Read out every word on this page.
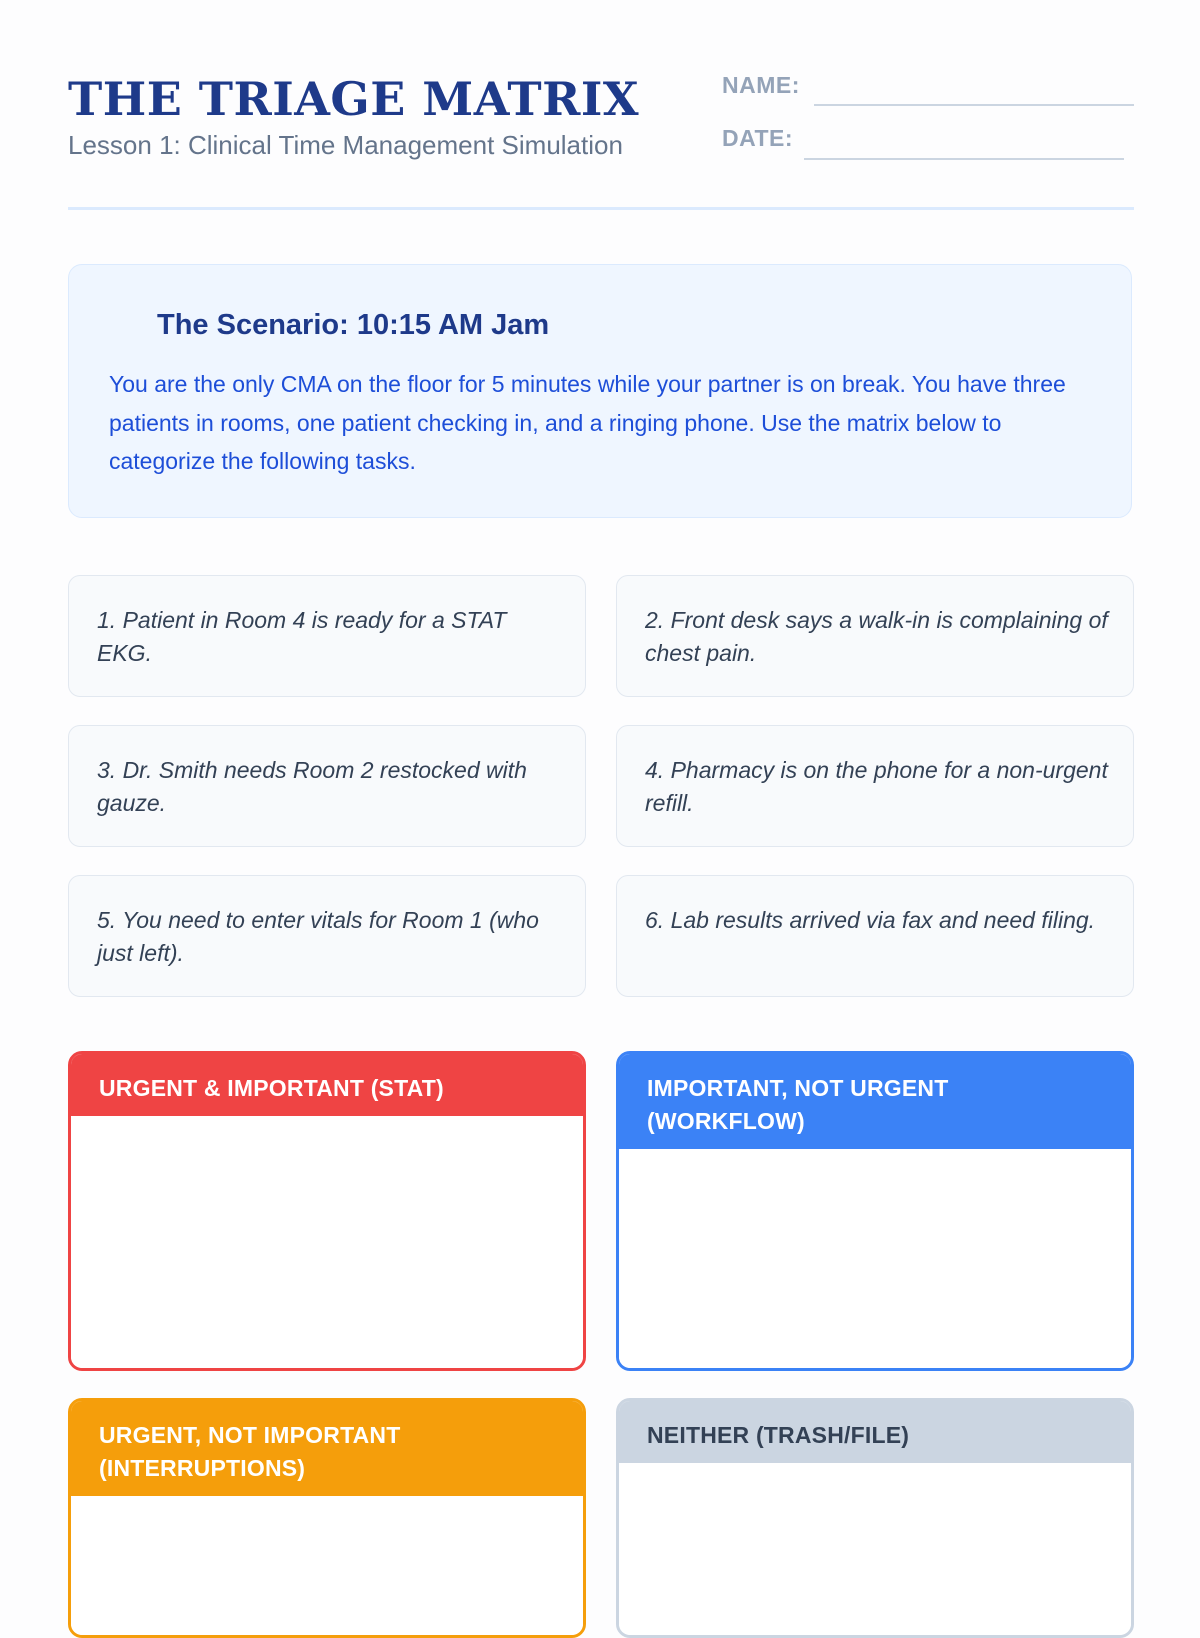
THE TRIAGE MATRIX
Lesson 1: Clinical Time Management Simulation
NAME:
DATE:
The Scenario: 10:15 AM Jam
You are the only CMA on the floor for 5 minutes while your partner is on break. You have three patients in rooms, one patient checking in, and a ringing phone. Use the matrix below to categorize the following tasks.
1. Patient in Room 4 is ready for a STAT EKG.
2. Front desk says a walk-in is complaining of chest pain.
3. Dr. Smith needs Room 2 restocked with gauze.
4. Pharmacy is on the phone for a non-urgent refill.
5. You need to enter vitals for Room 1 (who just left).
6. Lab results arrived via fax and need filing.
URGENT & IMPORTANT (STAT)	IMPORTANT, NOT URGENT (WORKFLOW)
URGENT, NOT IMPORTANT (INTERRUPTIONS)
NEITHER (TRASH/FILE)
